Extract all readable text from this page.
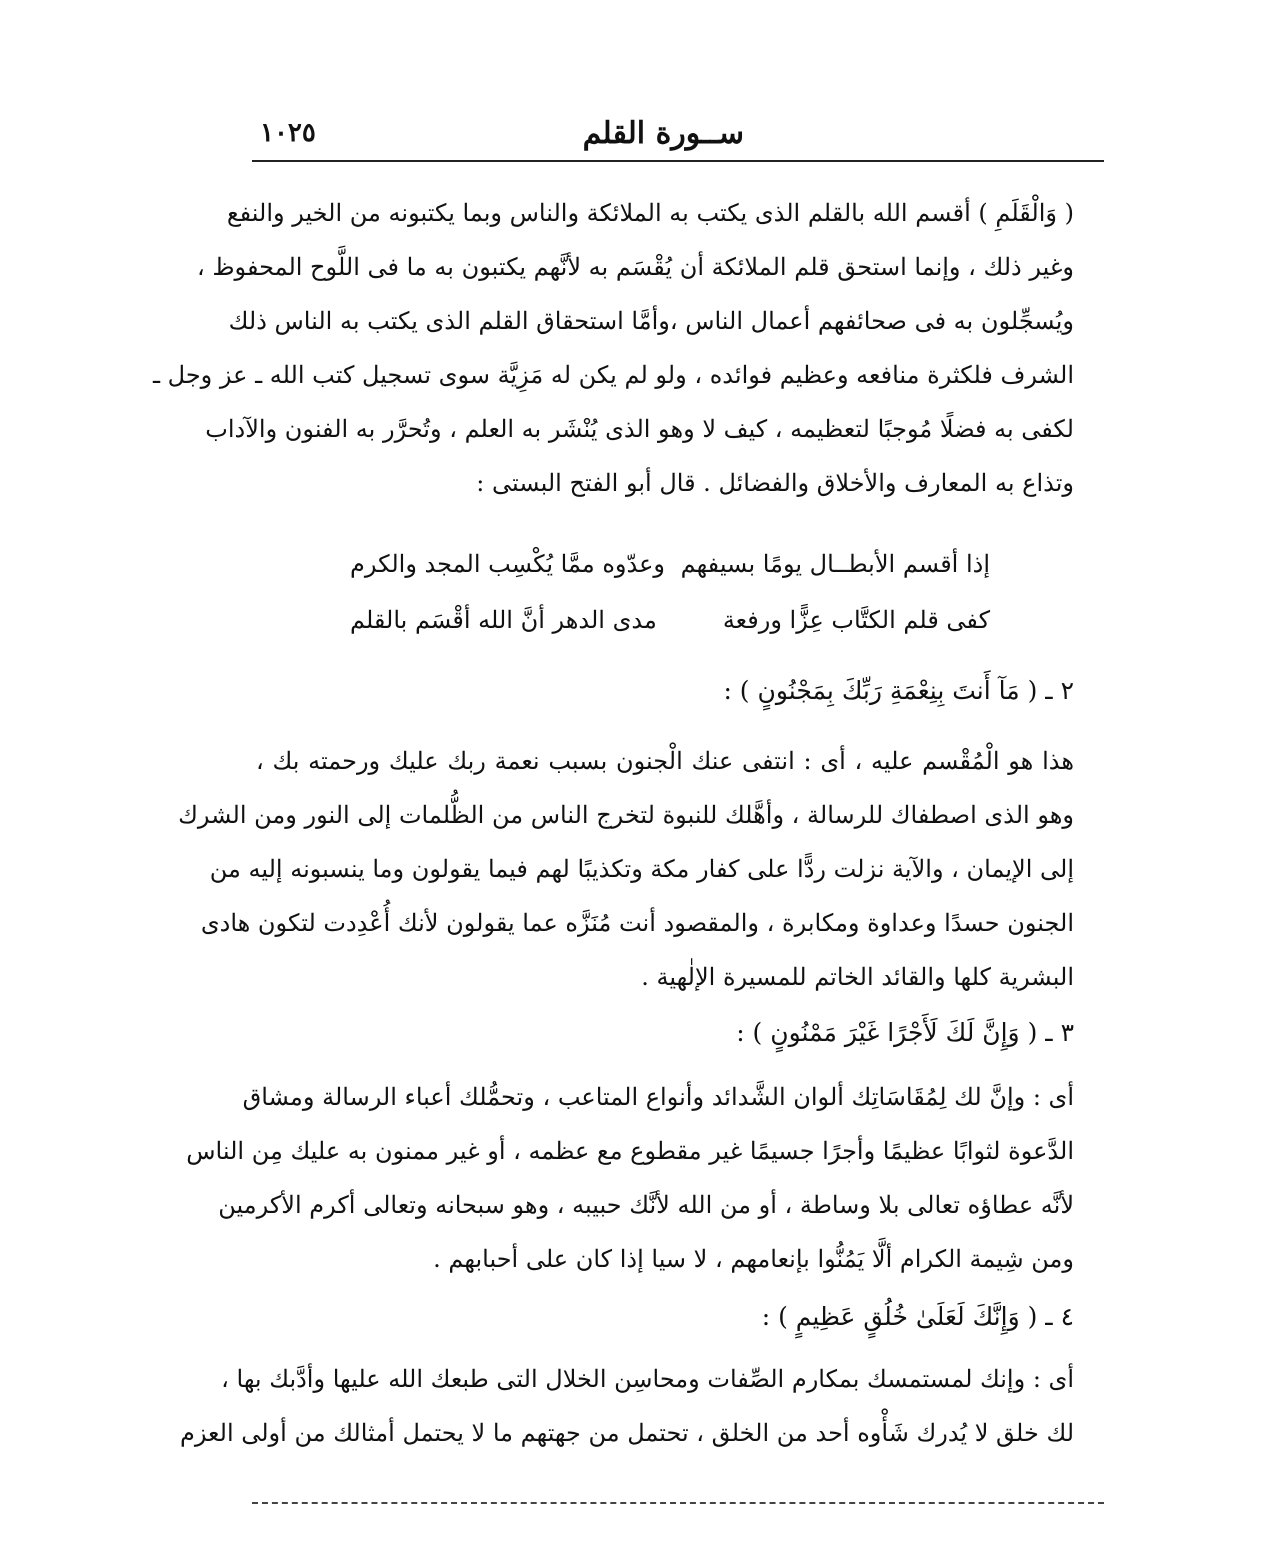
ســورة القلم
١٠٢٥
( وَالْقَلَمِ ) أقسم الله بالقلم الذى يكتب به الملائكة والناس وبما يكتبونه من الخير والنفع
وغير ذلك ، وإنما استحق قلم الملائكة أن يُقْسَم به لأنَّهم يكتبون به ما فى اللَّوح المحفوظ ،
ويُسجِّلون به فى صحائفهم أعمال الناس ،وأمَّا استحقاق القلم الذى يكتب به الناس ذلك
الشرف فلكثرة منافعه وعظيم فوائده ، ولو لم يكن له مَزِيَّة سوى تسجيل كتب الله ـ عز وجل ـ
لكفى به فضلًا مُوجبًا لتعظيمه ، كيف لا وهو الذى يُنْشَر به العلم ، وتُحرَّر به الفنون والآداب
وتذاع به المعارف والأخلاق والفضائل . قال أبو الفتح البستى :
إذا أقسم الأبطــال يومًا بسيفهم
وعدّوه ممَّا يُكْسِب المجد والكرم
كفى قلم الكتَّاب عِزًّا ورفعة
مدى الدهر أنَّ الله أقْسَم بالقلم
٢ ـ ( مَآ أَنتَ بِنِعْمَةِ رَبِّكَ بِمَجْنُونٍ ) :
هذا هو الْمُقْسم عليه ، أى : انتفى عنك الْجنون بسبب نعمة ربك عليك ورحمته بك ،
وهو الذى اصطفاك للرسالة ، وأهَّلك للنبوة لتخرج الناس من الظُّلمات إلى النور ومن الشرك
إلى الإيمان ، والآية نزلت ردًّا على كفار مكة وتكذيبًا لهم فيما يقولون وما ينسبونه إليه من
الجنون حسدًا وعداوة ومكابرة ، والمقصود أنت مُنَزَّه عما يقولون لأنك أُعْدِدت لتكون هادى
البشرية كلها والقائد الخاتم للمسيرة الإلٰهية .
٣ ـ ( وَإِنَّ لَكَ لَأَجْرًا غَيْرَ مَمْنُونٍ ) :
أى : وإنَّ لك لِمُقَاسَاتِك ألوان الشَّدائد وأنواع المتاعب ، وتحمُّلك أعباء الرسالة ومشاق
الدَّعوة لثوابًا عظيمًا وأجرًا جسيمًا غير مقطوع مع عظمه ، أو غير ممنون به عليك مِن الناس
لأنَّه عطاؤه تعالى بلا وساطة ، أو من الله لأنَّك حبيبه ، وهو سبحانه وتعالى أكرم الأكرمين
ومن شِيمة الكرام ألَّا يَمُنُّوا بإنعامهم ، لا سيا إذا كان على أحبابهم .
٤ ـ ( وَإِنَّكَ لَعَلَىٰ خُلُقٍ عَظِيمٍ ) :
أى : وإنك لمستمسك بمكارم الصِّفات ومحاسِن الخلال التى طبعك الله عليها وأدَّبك بها ،
لك خلق لا يُدرك شَأْوه أحد من الخلق ، تحتمل من جهتهم ما لا يحتمل أمثالك من أولى العزم
